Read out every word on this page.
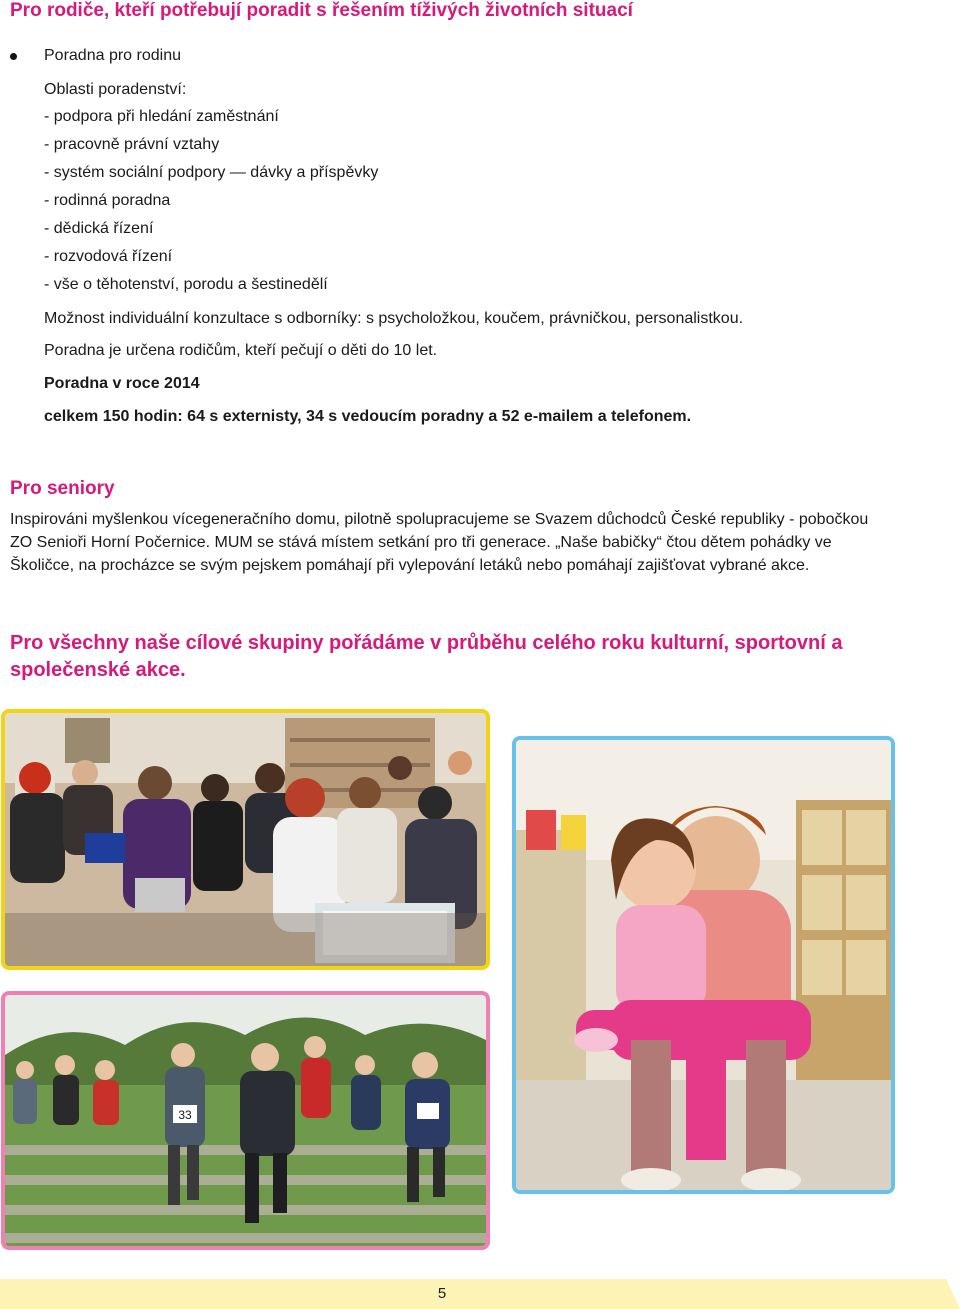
Pro rodiče, kteří potřebují poradit s řešením tíživých životních situací
Poradna pro rodinu
Oblasti poradenství:
- podpora při hledání zaměstnání
- pracovně právní vztahy
- systém sociální podpory — dávky a příspěvky
- rodinná poradna
- dědická řízení
- rozvodová řízení
- vše o těhotenství, porodu a šestinedělí
Možnost individuální konzultace s odborníky: s psycholožkou, koučem, právničkou, personalistkou.
Poradna je určena rodičům, kteří pečují o děti do 10 let.
Poradna v roce 2014
celkem 150 hodin: 64 s externisty, 34 s vedoucím poradny a 52 e-mailem a telefonem.
Pro seniory

Inspirováni myšlenkou vícegeneračního domu, pilotně spolupracujeme se Svazem důchodců České republiky - pobočkou ZO Senioři Horní Počernice. MUM se stává místem setkání pro tři generace. „Naše babičky“ čtou dětem pohádky ve Školičce, na procházce se svým pejskem pomáhají při vylepování letáků nebo pomáhají zajišťovat vybrané akce.

Pro všechny naše cílové skupiny pořádáme v průběhu celého roku kulturní, sportovní a společenské akce.
33
5
